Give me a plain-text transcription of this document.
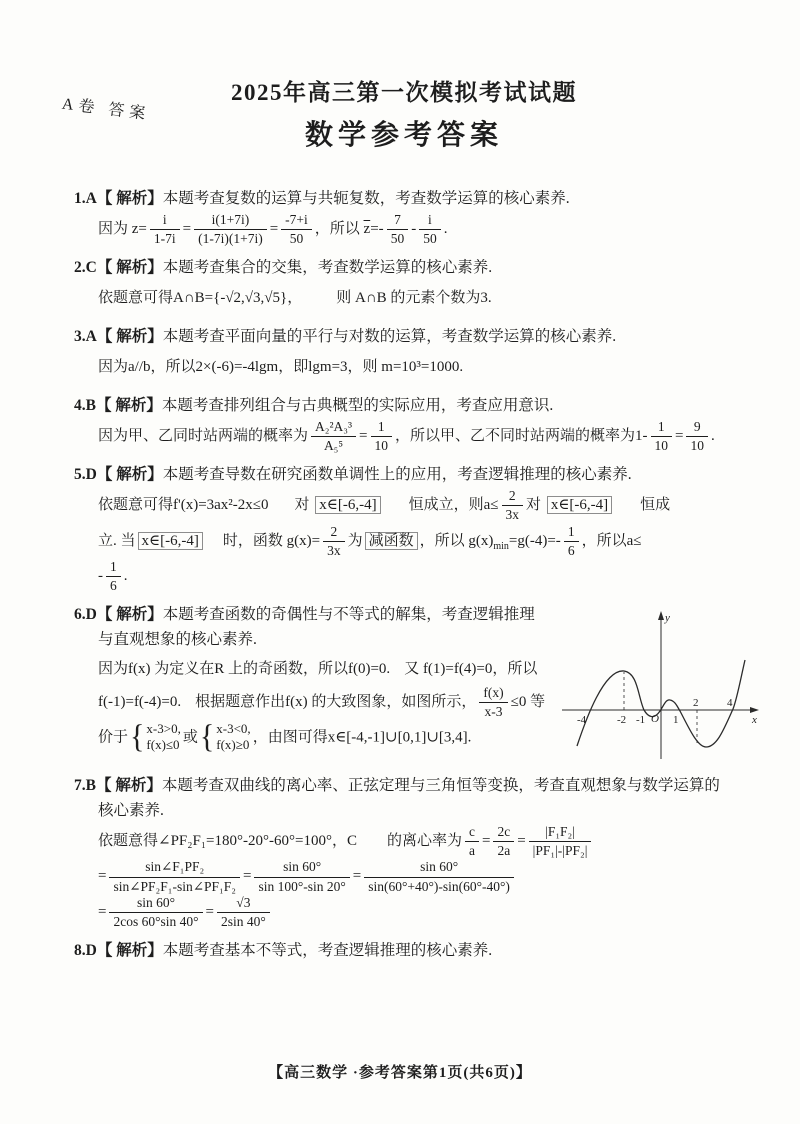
A卷 答案
2025年高三第一次模拟考试试题
数学参考答案
1.A【 解析】本题考查复数的运算与共轭复数，考查数学运算的核心素养.
因为 $z= \frac{i}{1-7i} = \frac{i(1+7i)}{(1-7i)(1+7i)} = \frac{-7+i}{50}$ ，所以 $\overline{z}=- \frac{7}{50} - \frac{i}{50}$ .
2.C【 解析】本题考查集合的交集，考查数学运算的核心素养.
依题意可得A∩B={-√2,√3,√5}， 则 A∩B 的元素个数为3.
3.A【 解析】本题考查平面向量的平行与对数的运算，考查数学运算的核心素养.
因为a//b，所以2×(-6)=-4lgm，即lgm=3，则 m=10³=1000.
4.B【 解析】本题考查排列组合与古典概型的实际应用，考查应用意识.
因为甲、乙同时站两端的概率为 $\frac{\text{A₂²A₃³}}{\text{A₅⁵}} = \frac{1}{10}$ ，所以甲、乙不同时站两端的概率为$1- \frac{1}{10} = \frac{9}{10}$ .
5.D【 解析】本题考查导数在研究函数单调性上的应用，考查逻辑推理的核心素养.
依题意可得f'(x)=3ax²-2x≤0 对 x∈[-6,-4] 恒成立，则$a\le \frac{2}{3x}$ 对 x∈[-6,-4] 恒成
立. 当 x∈[-6,-4] 时，函数 $g(x)= \frac{2}{3x}$ 为 减函数 ，所以 $g(x)_{min}=g(-4)=- \frac{1}{6}$ ，所以a≤
- $\frac{1}{6}$ .
6.D【 解析】本题考查函数的奇偶性与不等式的解集，考查逻辑推理与直观想象的核心素养.
因为f(x) 为定义在R 上的奇函数，所以f(0)=0. 又 f(1)=f(4)=0，所以f(-1)=f(-4)=0. 根据题意作出f(x) 的大致图象，如图所示， $\frac{f(x)}{x-3} \le 0$ 等价于 { x-3>0,
f(x)≤0
或 { x-3<0,
f(x)≥0
，由图可得x∈[-4,-1]∪[0,1]∪[3,4].
y
x
O
-4	-2 -1	1
2	4
7.B【 解析】本题考查双曲线的离心率、正弦定理与三角恒等变换，考查直观想象与数学运算的核心素养.
依题意得∠PF₂F₁=180°-20°-60°=100°，C 的离心率为 $\frac{c}{a} = \frac{2c}{2a} = \frac{\text{|F₁F₂|}}{\text{|PF₁|-|PF₂|}}$
= $\frac{\text{sin∠F₁PF₂}}{\text{sin∠PF₂F₁-sin∠PF₁F₂}} = \frac{\sin 60^\circ}{\sin 100^\circ-\sin 20^\circ} = \frac{\sin 60^\circ}{\sin(60^\circ+40^\circ)-\sin(60^\circ-40^\circ)}$
= $\frac{\sin 60^\circ}{2\cos 60^\circ\sin 40^\circ} = \frac{√3}{2\sin 40^\circ}$
8.D【 解析】本题考查基本不等式，考查逻辑推理的核心素养.
【高三数学 ·参考答案第1页(共6页)】
